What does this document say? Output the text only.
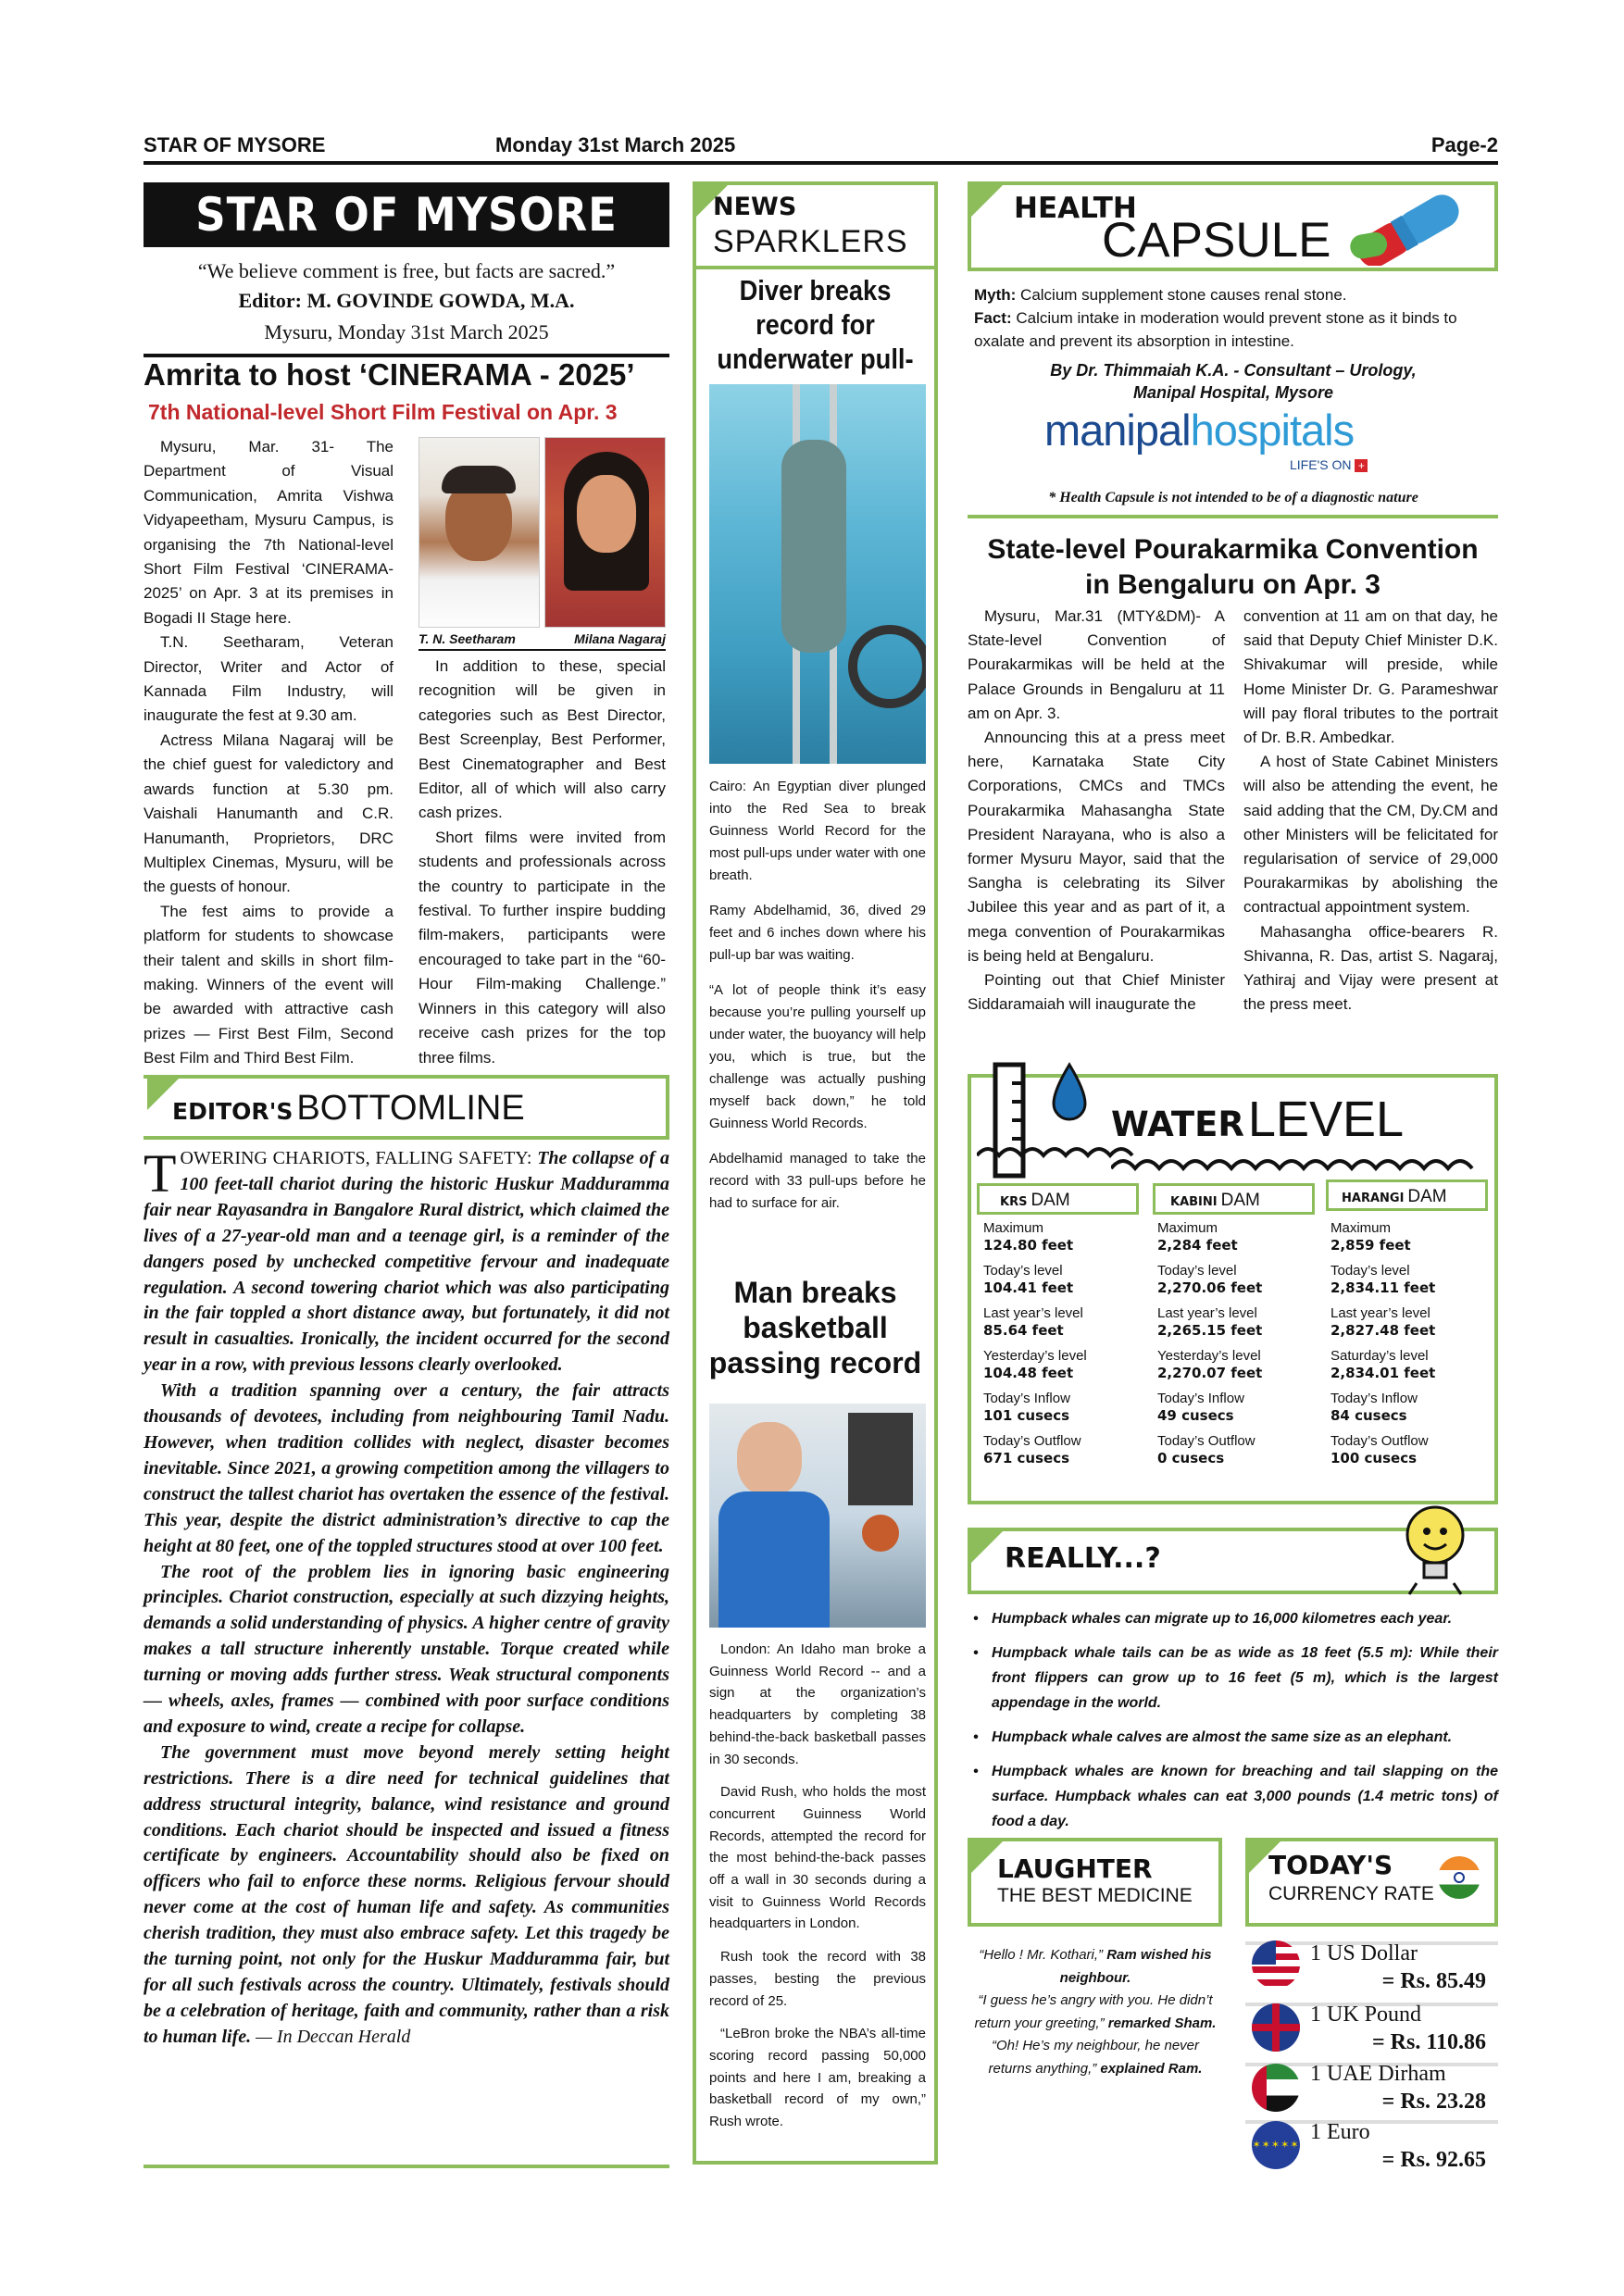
STAR OF MYSORE	Monday 31st March 2025	Page-2
STAR OF MYSORE
“We believe comment is free, but facts are sacred.”
Editor: M. GOVINDE GOWDA, M.A.
Mysuru, Monday 31st March 2025
Amrita to host ‘CINERAMA - 2025’
7th National-level Short Film Festival on Apr. 3

Mysuru, Mar. 31- The Department of Visual Communication, Amrita Vishwa Vidyapeetham, Mysuru Campus, is organising the 7th National-level Short Film Festival ‘CINERAMA-2025’ on Apr. 3 at its premises in Bogadi II Stage here.

T.N. Seetharam, Veteran Director, Writer and Actor of Kannada Film Industry, will inaugurate the fest at 9.30 am.

Actress Milana Nagaraj will be the chief guest for valedictory and awards function at 5.30 pm. Vaishali Hanumanth and C.R. Hanumanth, Proprietors, DRC Multiplex Cinemas, Mysuru, will be the guests of honour.

The fest aims to provide a platform for students to showcase their talent and skills in short film-making. Winners of the event will be awarded with attractive cash prizes — First Best Film, Second Best Film and Third Best Film.

T. N. Seetharam	Milana Nagaraj

In addition to these, special recognition will be given in categories such as Best Director, Best Screenplay, Best Performer, Best Cinematographer and Best Editor, all of which will also carry cash prizes.

Short films were invited from students and professionals across the country to participate in the festival. To further inspire budding film-makers, participants were encouraged to take part in the “60-Hour Film-making Challenge.” Winners in this category will also receive cash prizes for the top three films.

EDITOR'S BOTTOMLINE

TOWERING CHARIOTS, FALLING SAFETY: The collapse of a 100 feet-tall chariot during the historic Huskur Madduramma fair near Rayasandra in Bangalore Rural district, which claimed the lives of a 27-year-old man and a teenage girl, is a reminder of the dangers posed by unchecked competitive fervour and inadequate regulation. A second towering chariot which was also participating in the fair toppled a short distance away, but fortunately, it did not result in casualties. Ironically, the incident occurred for the second year in a row, with previous lessons clearly overlooked.

With a tradition spanning over a century, the fair attracts thousands of devotees, including from neighbouring Tamil Nadu. However, when tradition collides with neglect, disaster becomes inevitable. Since 2021, a growing competition among the villagers to construct the tallest chariot has overtaken the essence of the festival. This year, despite the district administration’s directive to cap the height at 80 feet, one of the toppled structures stood at over 100 feet.

The root of the problem lies in ignoring basic engineering principles. Chariot construction, especially at such dizzying heights, demands a solid understanding of physics. A higher centre of gravity makes a tall structure inherently unstable. Torque created while turning or moving adds further stress. Weak structural components — wheels, axles, frames — combined with poor surface conditions and exposure to wind, create a recipe for collapse.

The government must move beyond merely setting height restrictions. There is a dire need for technical guidelines that address structural integrity, balance, wind resistance and ground conditions. Each chariot should be inspected and issued a fitness certificate by engineers. Accountability should also be fixed on officers who fail to enforce these norms. Religious fervour should never come at the cost of human life and safety. As communities cherish tradition, they must also embrace safety. Let this tragedy be the turning point, not only for the Huskur Madduramma fair, but for all such festivals across the country. Ultimately, festivals should be a celebration of heritage, faith and community, rather than a risk to human life. — In Deccan Herald

NEWS
SPARKLERS
Diver breaks record for underwater pull-

Cairo: An Egyptian diver plunged into the Red Sea to break Guinness World Record for the most pull-ups under water with one breath.

Ramy Abdelhamid, 36, dived 29 feet and 6 inches down where his pull-up bar was waiting.

“A lot of people think it’s easy because you’re pulling yourself up under water, the buoyancy will help you, which is true, but the challenge was actually pushing myself back down,” he told Guinness World Records.

Abdelhamid managed to take the record with 33 pull-ups before he had to surface for air.

Man breaks basketball passing record

London: An Idaho man broke a Guinness World Record -- and a sign at the organization’s headquarters by completing 38 behind-the-back basketball passes in 30 seconds.

David Rush, who holds the most concurrent Guinness World Records, attempted the record for the most behind-the-back passes off a wall in 30 seconds during a visit to Guinness World Records headquarters in London.

Rush took the record with 38 passes, besting the previous record of 25.

“LeBron broke the NBA’s all-time scoring record passing 50,000 points and here I am, breaking a basketball record of my own,” Rush wrote.

HEALTH
CAPSULE

Myth: Calcium supplement stone causes renal stone.

Fact: Calcium intake in moderation would prevent stone as it binds to oxalate and prevent its absorption in intestine.

By Dr. Thimmaiah K.A. - Consultant – Urology,
Manipal Hospital, Mysore
manipalhospitals
LIFE'S ON +
* Health Capsule is not intended to be of a diagnostic nature
State-level Pourakarmika Convention
in Bengaluru on Apr. 3

Mysuru, Mar.31 (MTY&DM)- A State-level Convention of Pourakarmikas will be held at the Palace Grounds in Bengaluru at 11 am on Apr. 3.

Announcing this at a press meet here, Karnataka State City Corporations, CMCs and TMCs Pourakarmika Mahasangha State President Narayana, who is also a former Mysuru Mayor, said that the Sangha is celebrating its Silver Jubilee this year and as part of it, a mega convention of Pourakarmikas is being held at Bengaluru.

Pointing out that Chief Minister Siddaramaiah will inaugurate the

convention at 11 am on that day, he said that Deputy Chief Minister D.K. Shivakumar will preside, while Home Minister Dr. G. Parameshwar will pay floral tributes to the portrait of Dr. B.R. Ambedkar.

A host of State Cabinet Ministers will also be attending the event, he said adding that the CM, Dy.CM and other Ministers will be felicitated for regularisation of service of 29,000 Pourakarmikas by abolishing the contractual appointment system.

Mahasangha office-bearers R. Shivanna, R. Das, artist S. Nagaraj, Yathiraj and Vijay were present at the press meet.

WATER LEVEL
KRS DAM	KABINI DAM	HARANGI DAM
Maximum
124.80 feet
Today’s level
104.41 feet
Last year’s level
85.64 feet
Yesterday’s level
104.48 feet
Today’s Inflow
101 cusecs
Today’s Outflow
671 cusecs
Maximum
2,284 feet
Today’s level
2,270.06 feet
Last year’s level
2,265.15 feet
Yesterday’s level
2,270.07 feet
Today’s Inflow
49 cusecs
Today’s Outflow
0 cusecs
Maximum
2,859 feet
Today’s level
2,834.11 feet
Last year’s level
2,827.48 feet
Saturday’s level
2,834.01 feet
Today’s Inflow
84 cusecs
Today’s Outflow
100 cusecs
REALLY...?
• Humpback whales can migrate up to 16,000 kilometres each year.
• Humpback whale tails can be as wide as 18 feet (5.5 m): While their front flippers can grow up to 16 feet (5 m), which is the largest appendage in the world.
• Humpback whale calves are almost the same size as an elephant.
• Humpback whales are known for breaching and tail slapping on the surface. Humpback whales can eat 3,000 pounds (1.4 metric tons) of food a day.
LAUGHTER
THE BEST MEDICINE

“Hello ! Mr. Kothari,” Ram wished his neighbour.

“I guess he’s angry with you. He didn’t return your greeting,” remarked Sham.

“Oh! He’s my neighbour, he never returns anything,” explained Ram.

TODAY'S
CURRENCY RATE
1 US Dollar
= Rs. 85.49
1 UK Pound
= Rs. 110.86
1 UAE Dirham
= Rs. 23.28
✶✶✶✶✶
1 Euro
= Rs. 92.65
